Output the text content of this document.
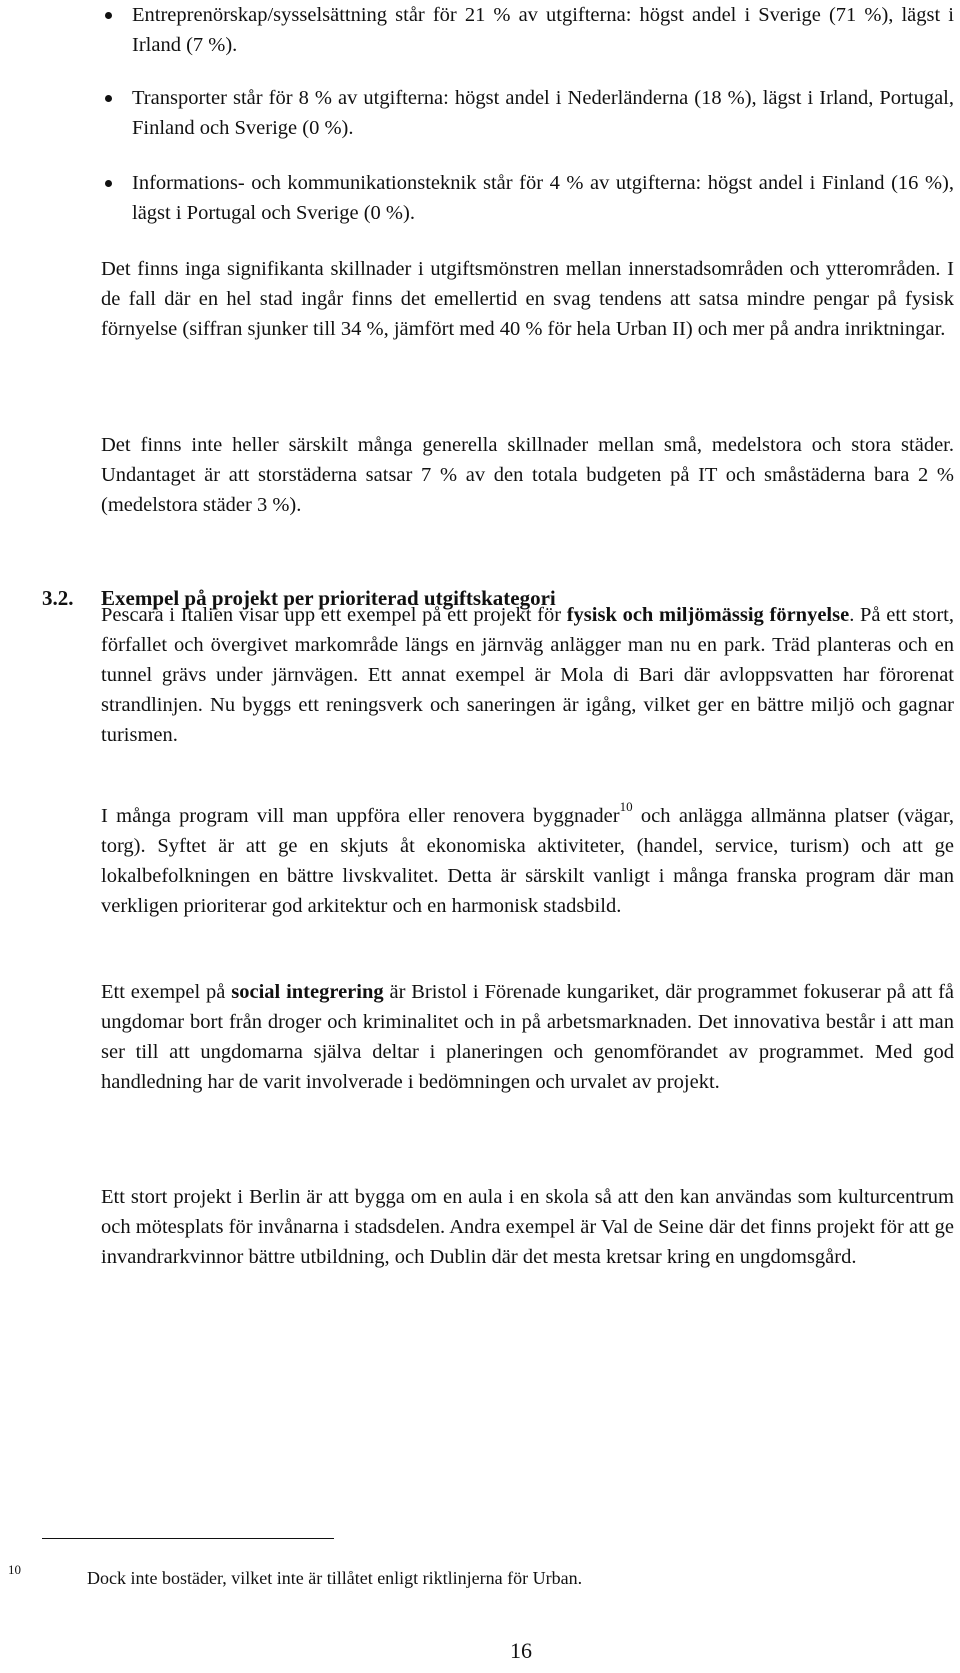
Entreprenörskap/sysselsättning står för 21 % av utgifterna: högst andel i Sverige (71 %), lägst i Irland (7 %).
Transporter står för 8 % av utgifterna: högst andel i Nederländerna (18 %), lägst i Irland, Portugal, Finland och Sverige (0 %).
Informations- och kommunikationsteknik står för 4 % av utgifterna: högst andel i Finland (16 %), lägst i Portugal och Sverige (0 %).

Det finns inga signifikanta skillnader i utgiftsmönstren mellan innerstadsområden och ytterområden. I de fall där en hel stad ingår finns det emellertid en svag tendens att satsa mindre pengar på fysisk förnyelse (siffran sjunker till 34 %, jämfört med 40 % för hela Urban II) och mer på andra inriktningar.

Det finns inte heller särskilt många generella skillnader mellan små, medelstora och stora städer. Undantaget är att storstäderna satsar 7 % av den totala budgeten på IT och småstäderna bara 2 % (medelstora städer 3 %).

3.2. Exempel på projekt per prioriterad utgiftskategori

Pescara i Italien visar upp ett exempel på ett projekt för fysisk och miljömässig förnyelse. På ett stort, förfallet och övergivet markområde längs en järnväg anlägger man nu en park. Träd planteras och en tunnel grävs under järnvägen. Ett annat exempel är Mola di Bari där avloppsvatten har förorenat strandlinjen. Nu byggs ett reningsverk och saneringen är igång, vilket ger en bättre miljö och gagnar turismen.

I många program vill man uppföra eller renovera byggnader$^{10}$ och anlägga allmänna platser (vägar, torg). Syftet är att ge en skjuts åt ekonomiska aktiviteter, (handel, service, turism) och att ge lokalbefolkningen en bättre livskvalitet. Detta är särskilt vanligt i många franska program där man verkligen prioriterar god arkitektur och en harmonisk stadsbild.

Ett exempel på social integrering är Bristol i Förenade kungariket, där programmet fokuserar på att få ungdomar bort från droger och kriminalitet och in på arbetsmarknaden. Det innovativa består i att man ser till att ungdomarna själva deltar i planeringen och genomförandet av programmet. Med god handledning har de varit involverade i bedömningen och urvalet av projekt.

Ett stort projekt i Berlin är att bygga om en aula i en skola så att den kan användas som kulturcentrum och mötesplats för invånarna i stadsdelen. Andra exempel är Val de Seine där det finns projekt för att ge invandrarkvinnor bättre utbildning, och Dublin där det mesta kretsar kring en ungdomsgård.

10	Dock inte bostäder, vilket inte är tillåtet enligt riktlinjerna för Urban.
16
